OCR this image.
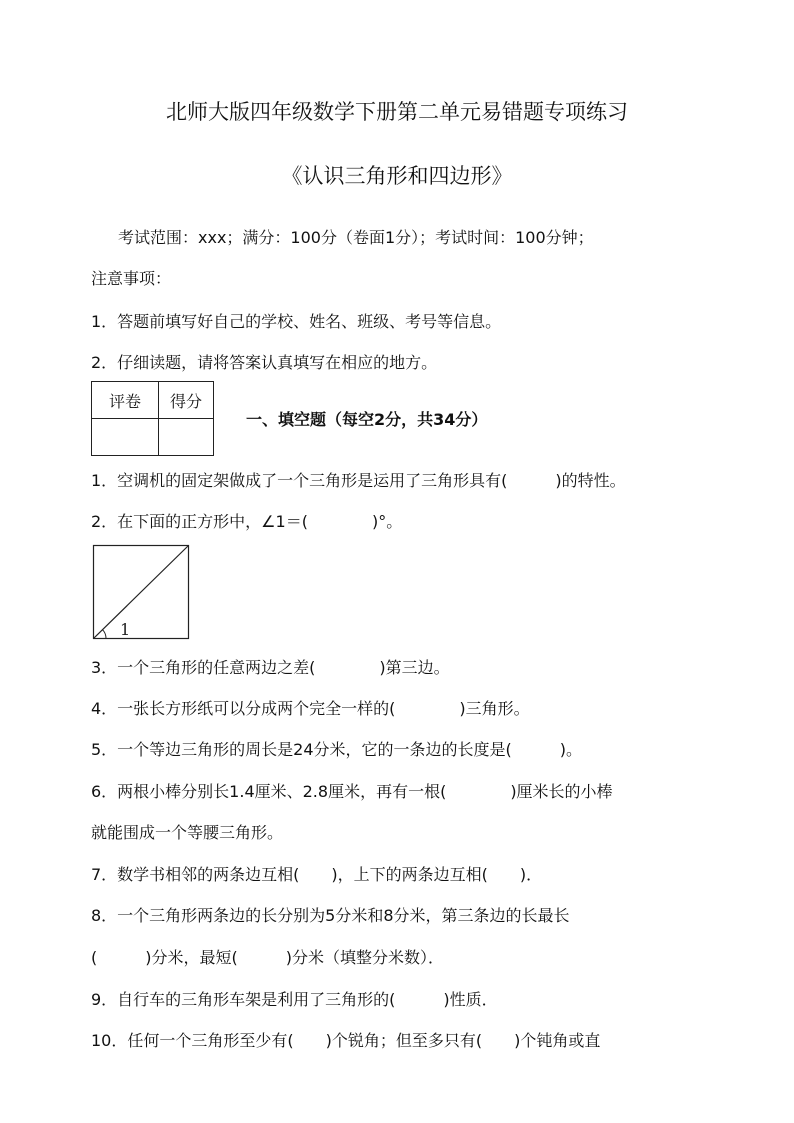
北师大版四年级数学下册第二单元易错题专项练习
《认识三角形和四边形》
考试范围：xxx；满分：100分（卷面1分）；考试时间：100分钟；
注意事项：
1．答题前填写好自己的学校、姓名、班级、考号等信息。
2．仔细读题，请将答案认真填写在相应的地方。
评卷	得分

一、填空题（每空2分，共34分）
1．空调机的固定架做成了一个三角形是运用了三角形具有(　　　)的特性。
2．在下面的正方形中，∠1＝(　　　　)°。
1
3．一个三角形的任意两边之差(　　　　)第三边。
4．一张长方形纸可以分成两个完全一样的(　　　　)三角形。
5．一个等边三角形的周长是24分米，它的一条边的长度是(　　　)。
6．两根小棒分别长1.4厘米、2.8厘米，再有一根(　　　　)厘米长的小棒
就能围成一个等腰三角形。
7．数学书相邻的两条边互相(　　)，上下的两条边互相(　　)．
8．一个三角形两条边的长分别为5分米和8分米，第三条边的长最长
(　　　)分米，最短(　　　)分米（填整分米数）．
9．自行车的三角形车架是利用了三角形的(　　　)性质．
10．任何一个三角形至少有(　　)个锐角；但至多只有(　　)个钝角或直
